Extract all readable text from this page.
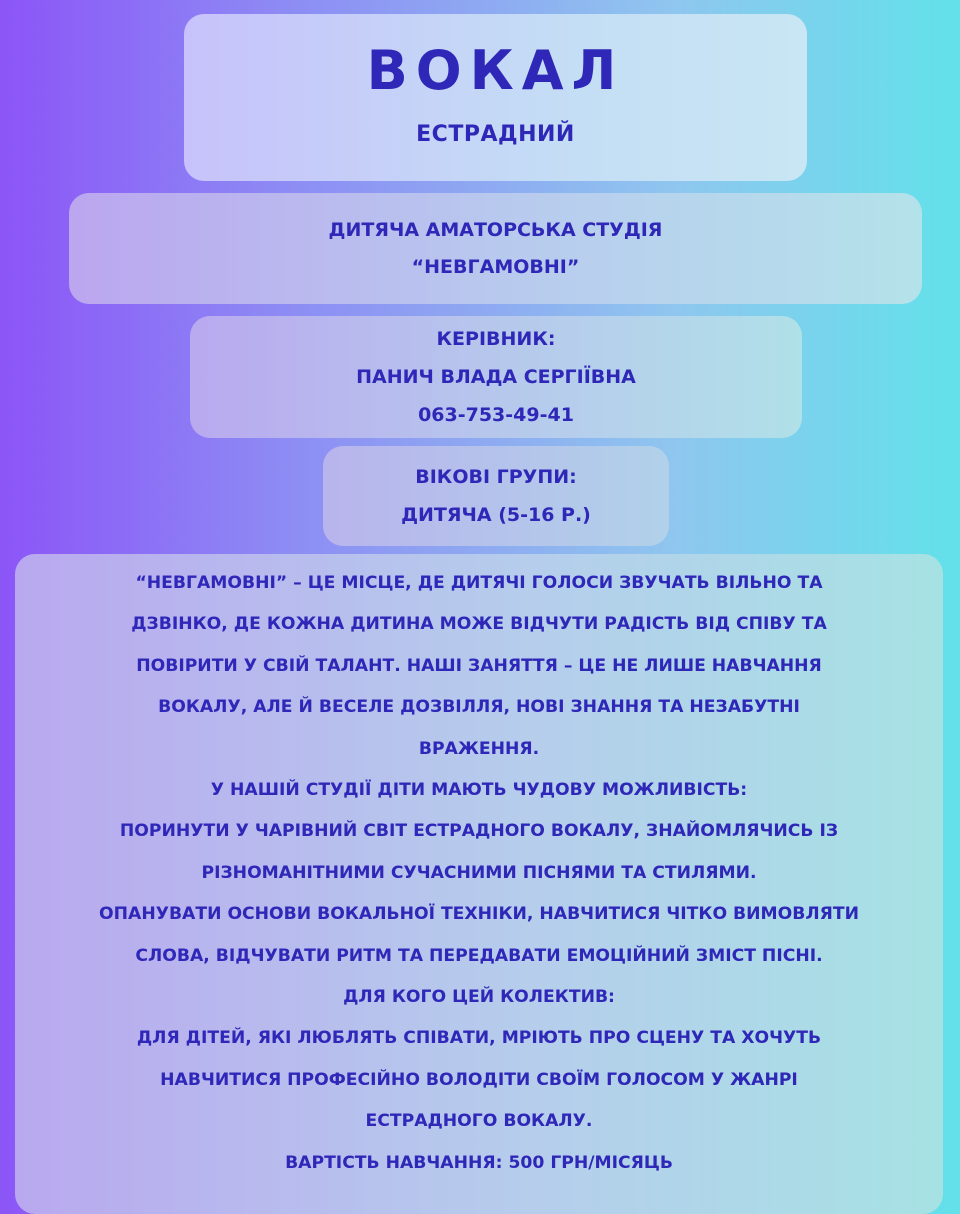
ВОКАЛ
ЕСТРАДНИЙ
ДИТЯЧА АМАТОРСЬКА СТУДІЯ
“НЕВГАМОВНІ”
КЕРІВНИК:
ПАНИЧ ВЛАДА СЕРГІЇВНА
063-753-49-41
ВІКОВІ ГРУПИ:
ДИТЯЧА (5-16 Р.)
“НЕВГАМОВНІ” – ЦЕ МІСЦЕ, ДЕ ДИТЯЧІ ГОЛОСИ ЗВУЧАТЬ ВІЛЬНО ТА
ДЗВІНКО, ДЕ КОЖНА ДИТИНА МОЖЕ ВІДЧУТИ РАДІСТЬ ВІД СПІВУ ТА
ПОВІРИТИ У СВІЙ ТАЛАНТ. НАШІ ЗАНЯТТЯ – ЦЕ НЕ ЛИШЕ НАВЧАННЯ
ВОКАЛУ, АЛЕ Й ВЕСЕЛЕ ДОЗВІЛЛЯ, НОВІ ЗНАННЯ ТА НЕЗАБУТНІ
ВРАЖЕННЯ.
У НАШІЙ СТУДІЇ ДІТИ МАЮТЬ ЧУДОВУ МОЖЛИВІСТЬ:
ПОРИНУТИ У ЧАРІВНИЙ СВІТ ЕСТРАДНОГО ВОКАЛУ, ЗНАЙОМЛЯЧИСЬ ІЗ
РІЗНОМАНІТНИМИ СУЧАСНИМИ ПІСНЯМИ ТА СТИЛЯМИ.
ОПАНУВАТИ ОСНОВИ ВОКАЛЬНОЇ ТЕХНІКИ, НАВЧИТИСЯ ЧІТКО ВИМОВЛЯТИ
СЛОВА, ВІДЧУВАТИ РИТМ ТА ПЕРЕДАВАТИ ЕМОЦІЙНИЙ ЗМІСТ ПІСНІ.
ДЛЯ КОГО ЦЕЙ КОЛЕКТИВ:
ДЛЯ ДІТЕЙ, ЯКІ ЛЮБЛЯТЬ СПІВАТИ, МРІЮТЬ ПРО СЦЕНУ ТА ХОЧУТЬ
НАВЧИТИСЯ ПРОФЕСІЙНО ВОЛОДІТИ СВОЇМ ГОЛОСОМ У ЖАНРІ
ЕСТРАДНОГО ВОКАЛУ.
ВАРТІСТЬ НАВЧАННЯ: 500 ГРН/МІСЯЦЬ
